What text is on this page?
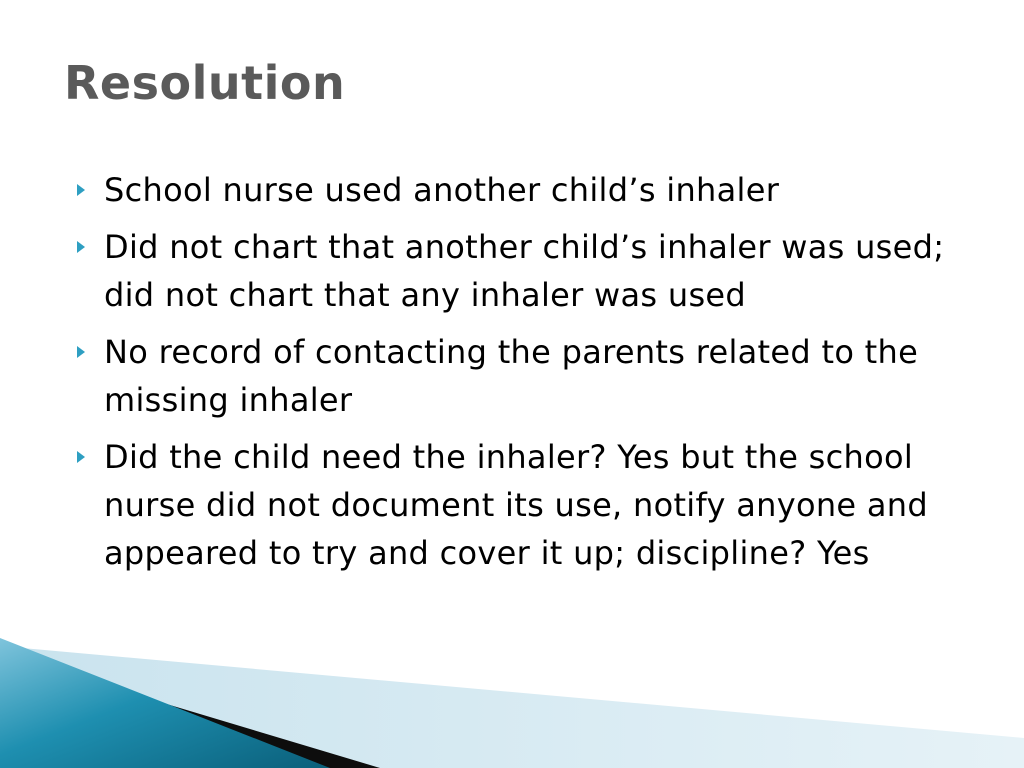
Resolution
School nurse used another child’s inhaler
Did not chart that another child’s inhaler was used; did not chart that any inhaler was used
No record of contacting the parents related to the missing inhaler
Did the child need the inhaler? Yes but the school nurse did not document its use, notify anyone and appeared to try and cover it up; discipline? Yes
